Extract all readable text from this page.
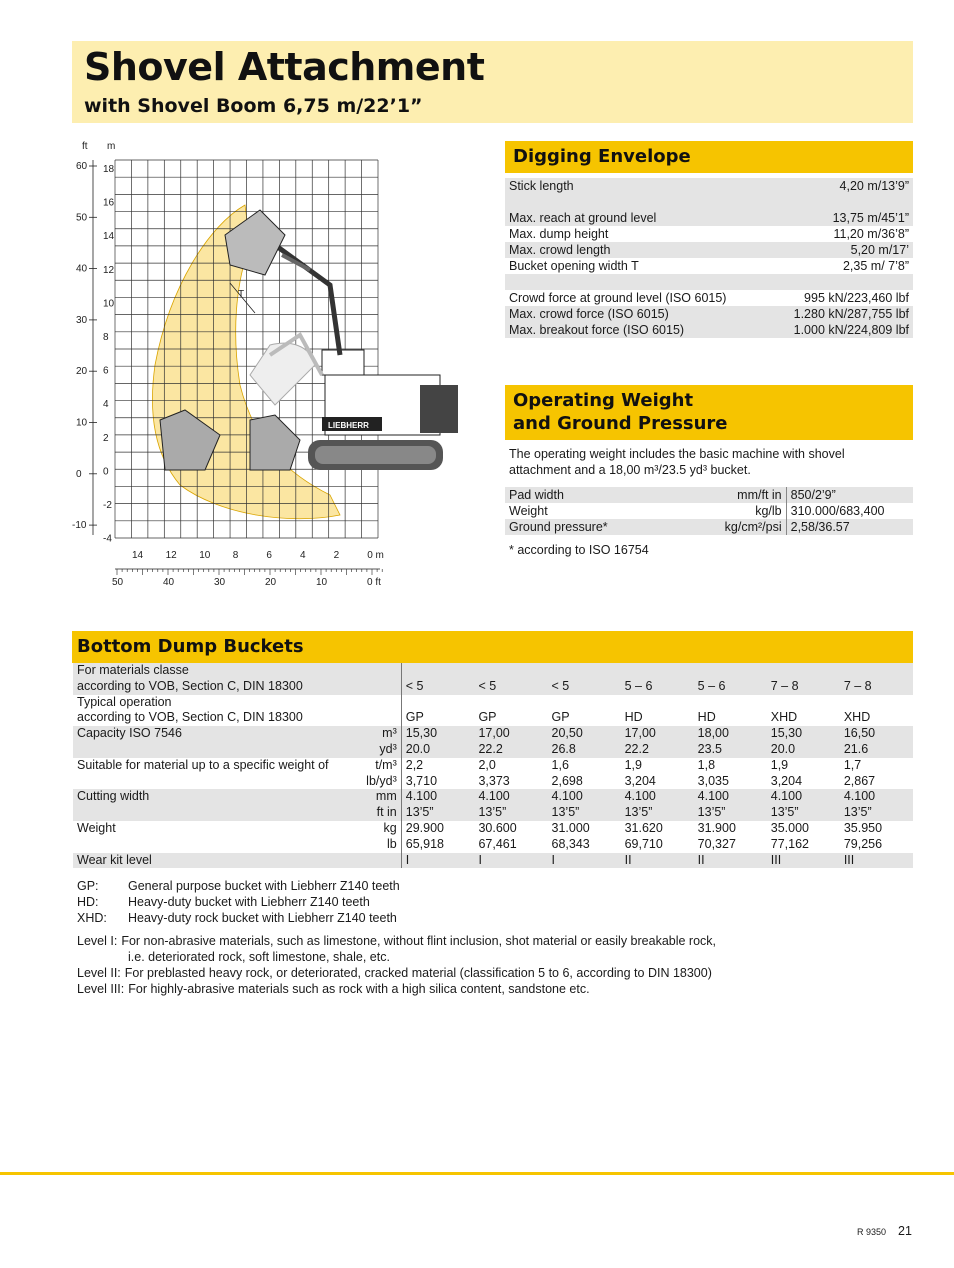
Shovel Attachment
with Shovel Boom 6,75 m/22’1”
ft m
60
50
40
30
20
10
0
-10
18
16
14
12
10
8
6
4
2
0
-2
-4
14 12 10 8	6	4	2	0 m
50	40	30	20	10	0 ft
LIEBHERR
T
Digging Envelope
Stick length	4,20 m/13’9”

Max. reach at ground level	13,75 m/45’1”
Max. dump height	11,20 m/36’8”
Max. crowd length	5,20 m/17’
Bucket opening width T	2,35 m/ 7’8”

Crowd force at ground level (ISO 6015)	995 kN/223,460 lbf
Max. crowd force (ISO 6015)	1.280 kN/287,755 lbf
Max. breakout force (ISO 6015)	1.000 kN/224,809 lbf
Operating Weight
and Ground Pressure
The operating weight includes the basic machine with shovel attachment and a 18,00 m³/23.5 yd³ bucket.
Pad width	mm/ft in	850/2’9”
Weight	kg/lb	310.000/683,400
Ground pressure*	kg/cm²/psi	2,58/36.57
* according to ISO 16754
Bottom Dump Buckets
For materials classe								
according to VOB, Section C, DIN 18300		< 5	< 5	< 5	5 – 6	5 – 6	7 – 8	7 – 8
Typical operation								
according to VOB, Section C, DIN 18300		GP	GP	GP	HD	HD	XHD	XHD
Capacity ISO 7546	m³	15,30	17,00	20,50	17,00	18,00	15,30	16,50
	yd³	20.0	22.2	26.8	22.2	23.5	20.0	21.6
Suitable for material up to a specific weight of	t/m³	2,2	2,0	1,6	1,9	1,8	1,9	1,7
	lb/yd³	3,710	3,373	2,698	3,204	3,035	3,204	2,867
Cutting width	mm	4.100	4.100	4.100	4.100	4.100	4.100	4.100
	ft in	13’5”	13’5”	13’5”	13’5”	13’5”	13’5”	13’5”
Weight	kg	29.900	30.600	31.000	31.620	31.900	35.000	35.950
	lb	65,918	67,461	68,343	69,710	70,327	77,162	79,256
Wear kit level		I	I	I	II	II	III	III
GP: General purpose bucket with Liebherr Z140 teeth
HD: Heavy-duty bucket with Liebherr Z140 teeth
XHD: Heavy-duty rock bucket with Liebherr Z140 teeth
Level I: For non-abrasive materials, such as limestone, without flint inclusion, shot material or easily breakable rock,
i.e. deteriorated rock, soft limestone, shale, etc.
Level II: For preblasted heavy rock, or deteriorated, cracked material (classification 5 to 6, according to DIN 18300)
Level III: For highly-abrasive materials such as rock with a high silica content, sandstone etc.
R 9350 21
